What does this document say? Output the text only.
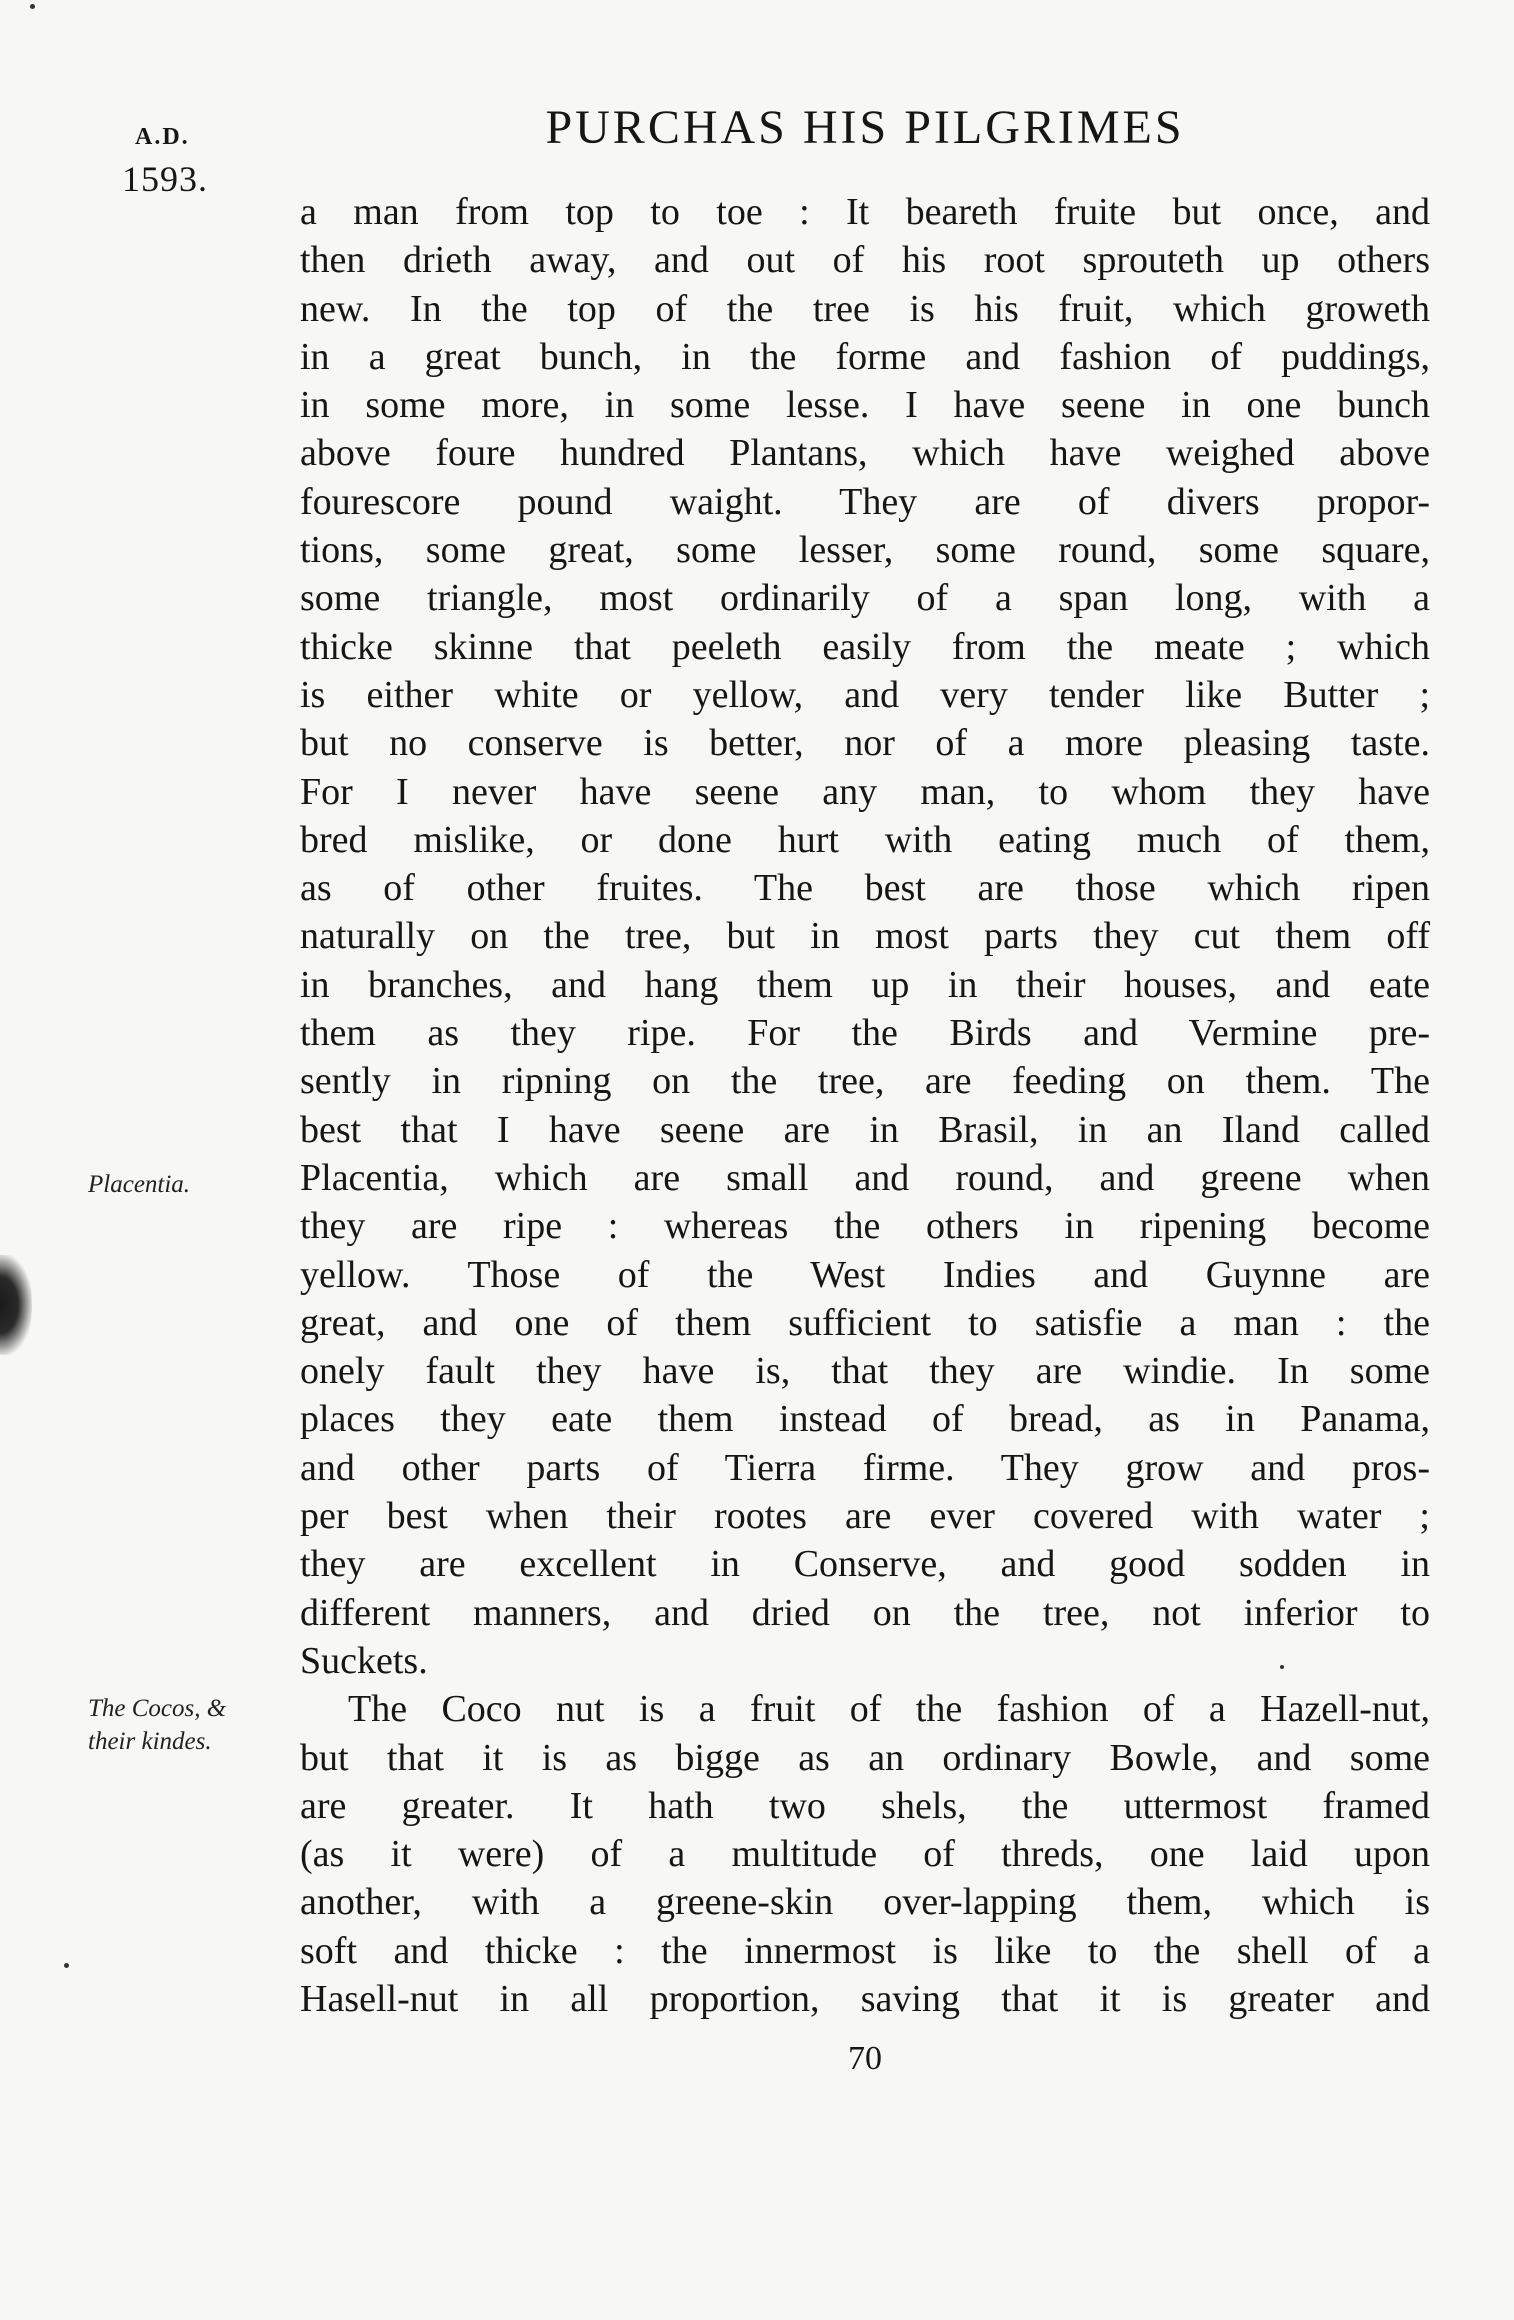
A.D.
1593.
PURCHAS HIS PILGRIMES
Placentia.
The Cocos, &
their kindes.
a man from top to toe : It beareth fruite but once, and
then drieth away, and out of his root sprouteth up others
new. In the top of the tree is his fruit, which groweth
in a great bunch, in the forme and fashion of puddings,
in some more, in some lesse. I have seene in one bunch
above foure hundred Plantans, which have weighed above
fourescore pound waight. They are of divers propor-
tions, some great, some lesser, some round, some square,
some triangle, most ordinarily of a span long, with a
thicke skinne that peeleth easily from the meate ; which
is either white or yellow, and very tender like Butter ;
but no conserve is better, nor of a more pleasing taste.
For I never have seene any man, to whom they have
bred mislike, or done hurt with eating much of them,
as of other fruites. The best are those which ripen
naturally on the tree, but in most parts they cut them off
in branches, and hang them up in their houses, and eate
them as they ripe. For the Birds and Vermine pre-
sently in ripning on the tree, are feeding on them. The
best that I have seene are in Brasil, in an Iland called
Placentia, which are small and round, and greene when
they are ripe : whereas the others in ripening become
yellow. Those of the West Indies and Guynne are
great, and one of them sufficient to satisfie a man : the
onely fault they have is, that they are windie. In some
places they eate them instead of bread, as in Panama,
and other parts of Tierra firme. They grow and pros-
per best when their rootes are ever covered with water ;
they are excellent in Conserve, and good sodden in
different manners, and dried on the tree, not inferior to
Suckets.
The Coco nut is a fruit of the fashion of a Hazell-nut,
but that it is as bigge as an ordinary Bowle, and some
are greater. It hath two shels, the uttermost framed
(as it were) of a multitude of threds, one laid upon
another, with a greene-skin over-lapping them, which is
soft and thicke : the innermost is like to the shell of a
Hasell-nut in all proportion, saving that it is greater and
70
